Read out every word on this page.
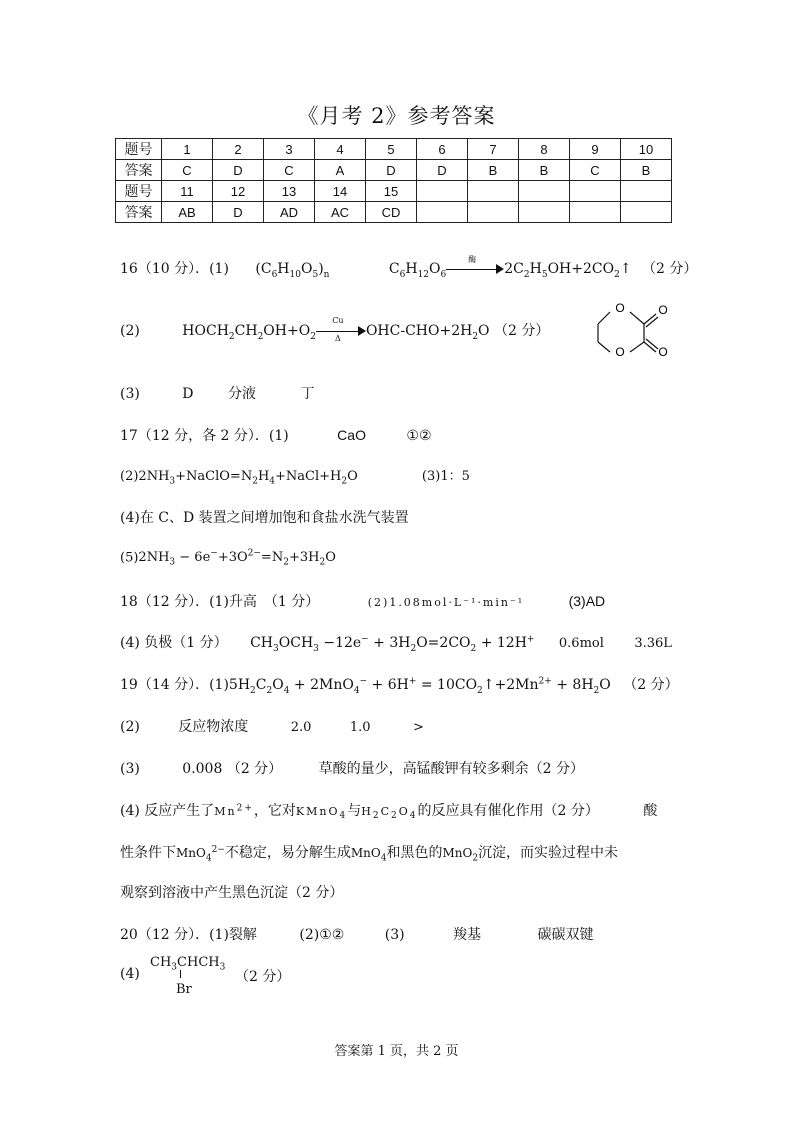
《月考 2》参考答案
题号	1	2	3	4	5	6	7	8	9	10
答案	C	D	C	A	D	D	B	B	C	B
题号	11	12	13	14	15					
答案	AB	D	AD	AC	CD					
16（10 分）．(1) $(C_6H_{10}O_5)_n$	$C_6H_{12}O_6$
酶
$2C_2H_5OH+2CO_2↑$ （2 分）
(2)	$HOCH_2CH_2OH+O_2$
$\frac{Cu}{\Delta} OHC-CHO+2H_2O$ （2 分）
O
O
O
O
(3)	D 分液	丁
17（12 分，各 2 分）．(1)	CaO	①②
$(2)2NH_3+NaClO=N_2H_4+NaCl+H_2O$	(3)1：5
(4)在 C、D 装置之间增加饱和食盐水洗气装置
$(5)2NH_3 - 6e^-+3O^{2-}=N_2+3H_2O$
18（12 分）．(1)升高　（1 分）	(2)1.08mol·L⁻¹·min⁻¹	(3)AD
(4) 负极（1 分） $CH_3OCH_3 -12e^- + 3H_2O=2CO_2 + 12H^+$ 0.6mol 3.36L
19（14 分）．$(1)5H_2C_2O_4 + 2MnO_4^- + 6H^+$ = $10CO_2↑+2Mn^{2+} + 8H_2O$ （2 分）
(2)	反应物浓度	2.0	1.0	>
(3)	0.008 （2 分）	草酸的量少，高锰酸钾有较多剩余（2 分）
(4) 反应产生了$Mn^{2+}$，它对KMnO$_4$与$H_2C_2O_4$的反应具有催化作用（2 分）	酸
性条件下MnO$_4^{2-}$不稳定，易分解生成MnO$_4$和黑色的MnO$_2$沉淀，而实验过程中未
观察到溶液中产生黑色沉淀（2 分）
20（12 分）．(1)裂解	(2)①②	(3)	羧基	碳碳双键
(4)
$CH_3CHCH_3$
Br
（2 分）
答案第 1 页，共 2 页
